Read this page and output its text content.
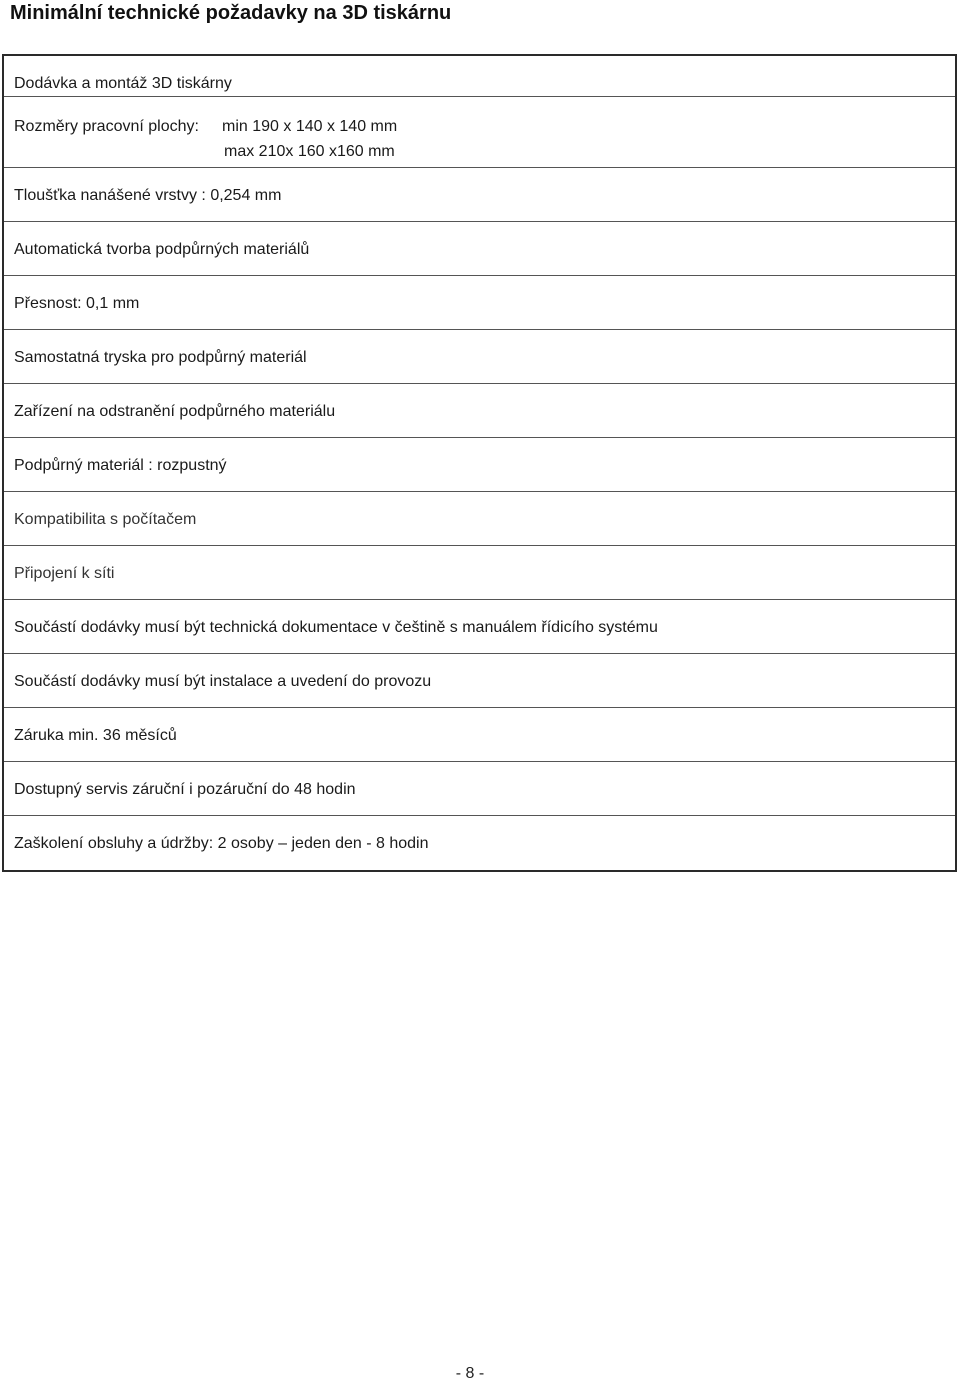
Minimální technické požadavky na 3D tiskárnu
Dodávka a montáž 3D tiskárny
Rozměry pracovní plochy:	min 190 x 140 x 140 mm
max 210x 160 x160 mm
Tloušťka nanášené vrstvy : 0,254 mm
Automatická tvorba podpůrných materiálů
Přesnost: 0,1 mm
Samostatná tryska pro podpůrný materiál
Zařízení na odstranění podpůrného materiálu
Podpůrný materiál : rozpustný
Kompatibilita s počítačem
Připojení k síti
Součástí dodávky musí být technická dokumentace v češtině s manuálem řídicího systému
Součástí dodávky musí být instalace a uvedení do provozu
Záruka min. 36 měsíců
Dostupný servis záruční i pozáruční do 48 hodin
Zaškolení obsluhy a údržby: 2 osoby – jeden den - 8 hodin
- 8 -
